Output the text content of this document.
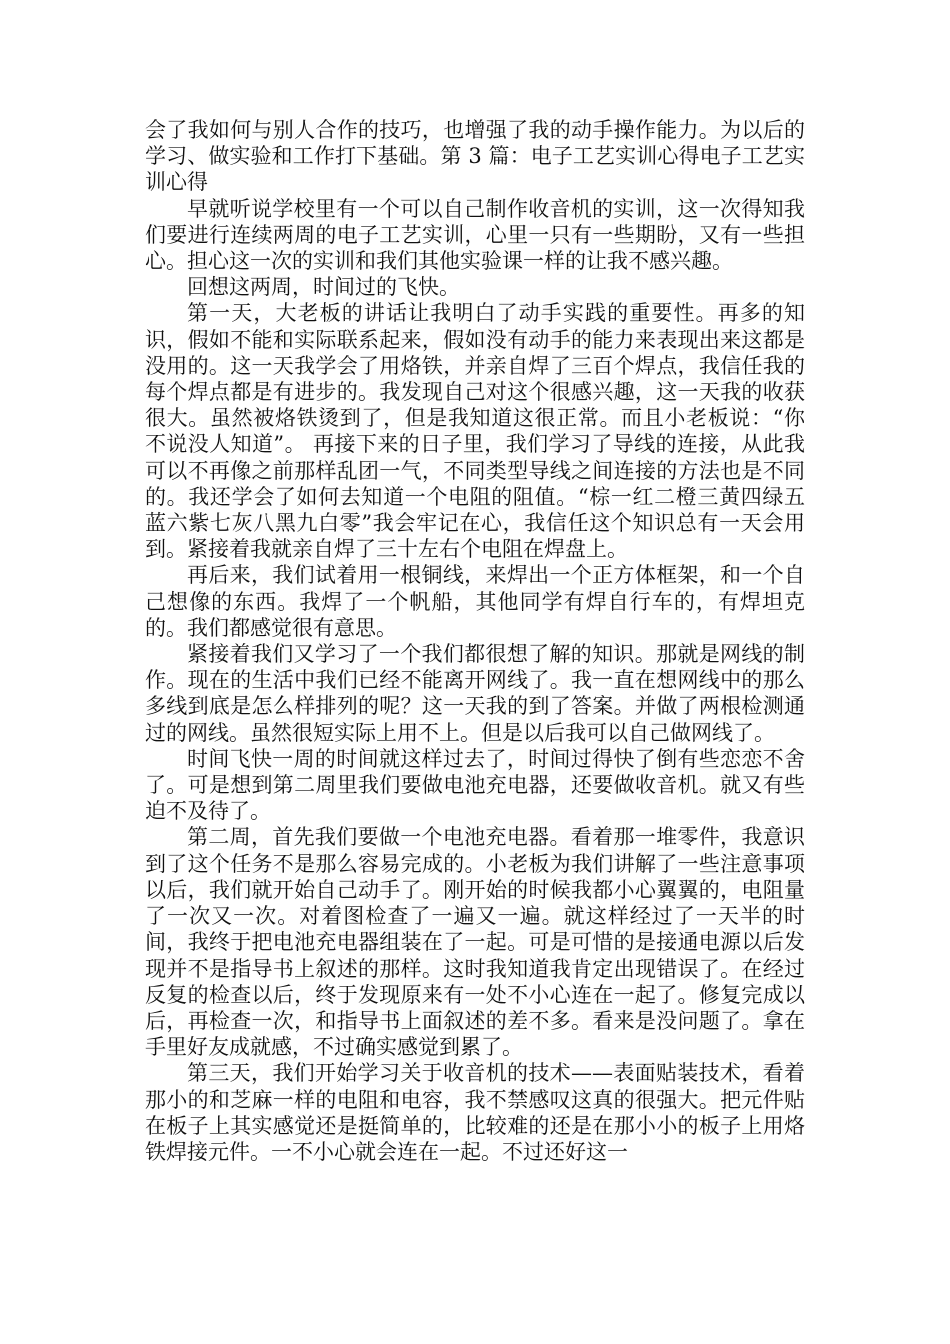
会了我如何与别人合作的技巧，也增强了我的动手操作能力。为以后的学习、做实验和工作打下基础。第 3 篇：电子工艺实训心得电子工艺实训心得

早就听说学校里有一个可以自己制作收音机的实训，这一次得知我们要进行连续两周的电子工艺实训，心里一只有一些期盼，又有一些担心。担心这一次的实训和我们其他实验课一样的让我不感兴趣。

回想这两周，时间过的飞快。

第一天，大老板的讲话让我明白了动手实践的重要性。再多的知识，假如不能和实际联系起来，假如没有动手的能力来表现出来这都是没用的。这一天我学会了用烙铁，并亲自焊了三百个焊点，我信任我的每个焊点都是有进步的。我发现自己对这个很感兴趣，这一天我的收获很大。虽然被烙铁烫到了，但是我知道这很正常。而且小老板说：“你不说没人知道”。 再接下来的日子里，我们学习了导线的连接，从此我可以不再像之前那样乱团一气，不同类型导线之间连接的方法也是不同的。我还学会了如何去知道一个电阻的阻值。“棕一红二橙三黄四绿五蓝六紫七灰八黑九白零”我会牢记在心，我信任这个知识总有一天会用到。紧接着我就亲自焊了三十左右个电阻在焊盘上。

再后来，我们试着用一根铜线，来焊出一个正方体框架，和一个自己想像的东西。我焊了一个帆船，其他同学有焊自行车的，有焊坦克的。我们都感觉很有意思。

紧接着我们又学习了一个我们都很想了解的知识。那就是网线的制作。现在的生活中我们已经不能离开网线了。我一直在想网线中的那么多线到底是怎么样排列的呢？这一天我的到了答案。并做了两根检测通过的网线。虽然很短实际上用不上。但是以后我可以自己做网线了。

时间飞快一周的时间就这样过去了，时间过得快了倒有些恋恋不舍了。可是想到第二周里我们要做电池充电器，还要做收音机。就又有些迫不及待了。

第二周，首先我们要做一个电池充电器。看着那一堆零件，我意识到了这个任务不是那么容易完成的。小老板为我们讲解了一些注意事项以后，我们就开始自己动手了。刚开始的时候我都小心翼翼的，电阻量了一次又一次。对着图检查了一遍又一遍。就这样经过了一天半的时间，我终于把电池充电器组装在了一起。可是可惜的是接通电源以后发现并不是指导书上叙述的那样。这时我知道我肯定出现错误了。在经过反复的检查以后，终于发现原来有一处不小心连在一起了。修复完成以后，再检查一次，和指导书上面叙述的差不多。看来是没问题了。拿在手里好友成就感，不过确实感觉到累了。

第三天，我们开始学习关于收音机的技术——表面贴装技术，看着那小的和芝麻一样的电阻和电容，我不禁感叹这真的很强大。把元件贴在板子上其实感觉还是挺简单的，比较难的还是在那小小的板子上用烙铁焊接元件。一不小心就会连在一起。不过还好这一
